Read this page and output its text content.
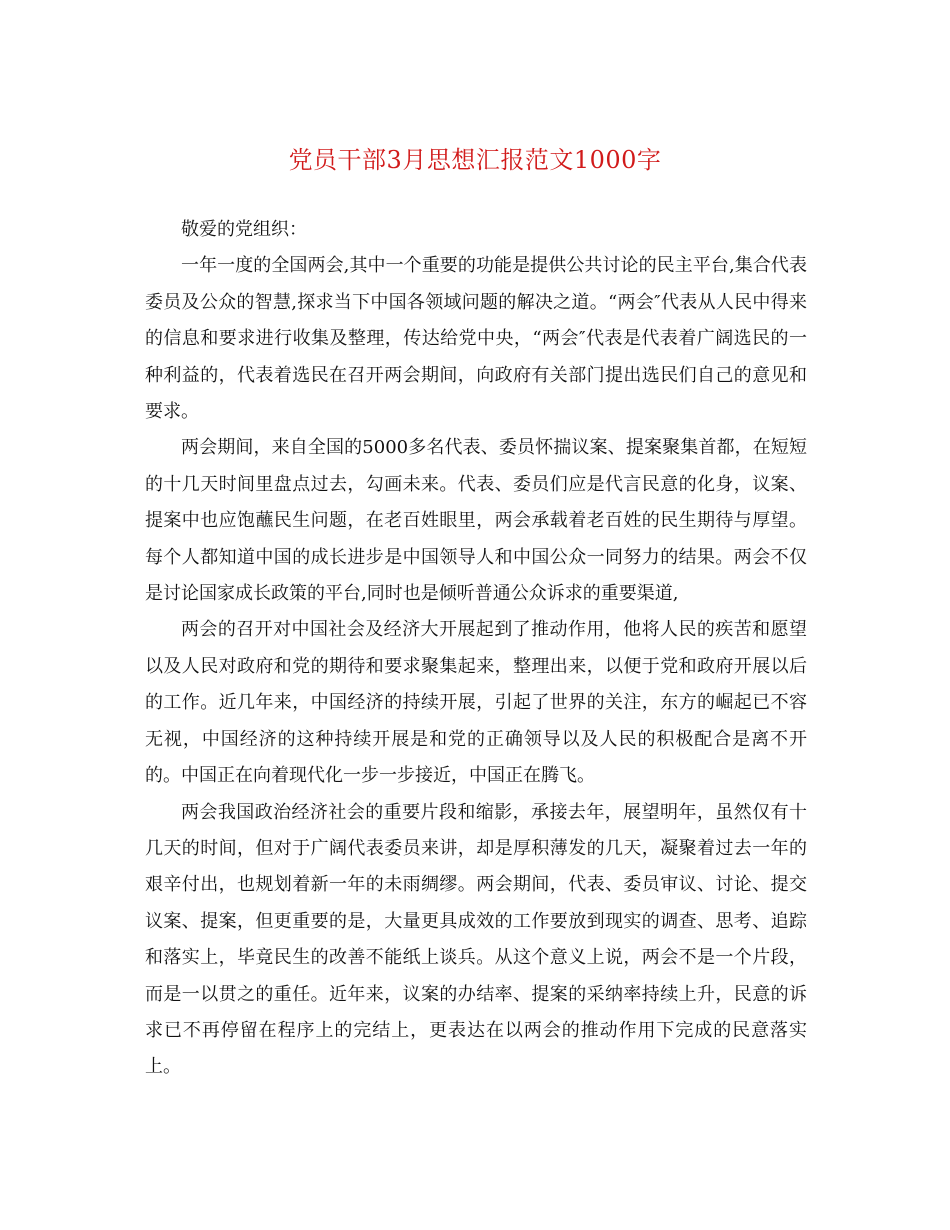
党员干部3月思想汇报范文1000字

敬爱的党组织：

一年一度的全国两会,其中一个重要的功能是提供公共讨论的民主平台,集合代表委员及公众的智慧,探求当下中国各领域问题的解决之道。“两会″代表从人民中得来的信息和要求进行收集及整理，传达给党中央，“两会″代表是代表着广阔选民的一种利益的，代表着选民在召开两会期间，向政府有关部门提出选民们自己的意见和要求。

两会期间，来自全国的5000多名代表、委员怀揣议案、提案聚集首都，在短短的十几天时间里盘点过去，勾画未来。代表、委员们应是代言民意的化身，议案、提案中也应饱蘸民生问题，在老百姓眼里，两会承载着老百姓的民生期待与厚望。每个人都知道中国的成长进步是中国领导人和中国公众一同努力的结果。两会不仅是讨论国家成长政策的平台,同时也是倾听普通公众诉求的重要渠道,

两会的召开对中国社会及经济大开展起到了推动作用，他将人民的疾苦和愿望以及人民对政府和党的期待和要求聚集起来，整理出来，以便于党和政府开展以后的工作。近几年来，中国经济的持续开展，引起了世界的关注，东方的崛起已不容无视，中国经济的这种持续开展是和党的正确领导以及人民的积极配合是离不开的。中国正在向着现代化一步一步接近，中国正在腾飞。

两会我国政治经济社会的重要片段和缩影，承接去年，展望明年，虽然仅有十几天的时间，但对于广阔代表委员来讲，却是厚积薄发的几天，凝聚着过去一年的艰辛付出，也规划着新一年的未雨绸缪。两会期间，代表、委员审议、讨论、提交议案、提案，但更重要的是，大量更具成效的工作要放到现实的调查、思考、追踪和落实上，毕竟民生的改善不能纸上谈兵。从这个意义上说，两会不是一个片段，而是一以贯之的重任。近年来，议案的办结率、提案的采纳率持续上升，民意的诉求已不再停留在程序上的完结上，更表达在以两会的推动作用下完成的民意落实上。
